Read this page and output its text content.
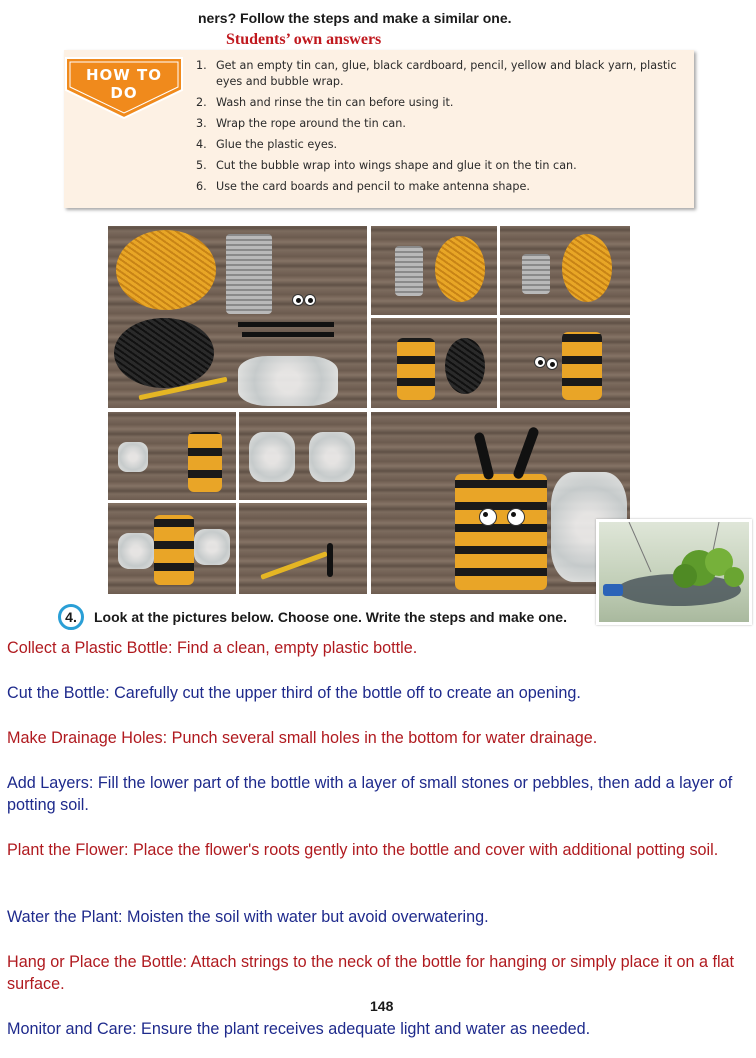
ners? Follow the steps and make a similar one.
Students’ own answers
HOW TO DO
1. Get an empty tin can, glue, black cardboard, pencil, yellow and black yarn, plastic eyes and bubble wrap.
2. Wash and rinse the tin can before using it.
3. Wrap the rope around the tin can.
4. Glue the plastic eyes.
5. Cut the bubble wrap into wings shape and glue it on the tin can.
6. Use the card boards and pencil to make antenna shape.
4.	Look at the pictures below. Choose one. Write the steps and make one.
Collect a Plastic Bottle: Find a clean, empty plastic bottle.
Cut the Bottle: Carefully cut the upper third of the bottle off to create an opening.
Make Drainage Holes: Punch several small holes in the bottom for water drainage.
Add Layers: Fill the lower part of the bottle with a layer of small stones or pebbles, then add a layer of potting soil.
Plant the Flower: Place the flower's roots gently into the bottle and cover with additional potting soil.
Water the Plant: Moisten the soil with water but avoid overwatering.
Hang or Place the Bottle: Attach strings to the neck of the bottle for hanging or simply place it on a flat surface.
Monitor and Care: Ensure the plant receives adequate light and water as needed.
148
